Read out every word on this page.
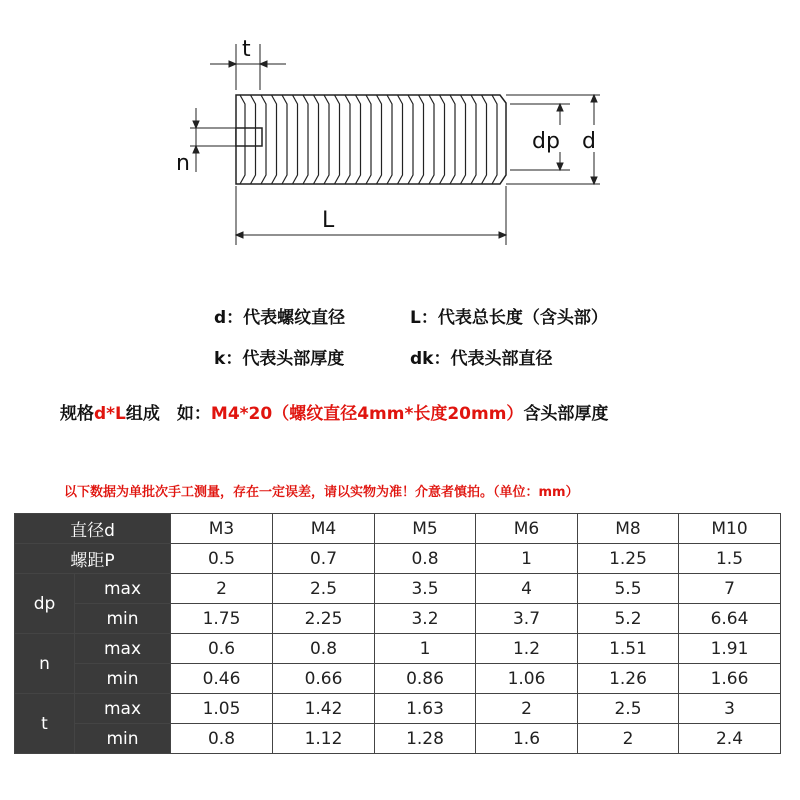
t
n
dp d
L
d：代表螺纹直径	L：代表总长度（含头部）
k：代表头部厚度	dk：代表头部直径
规格d*L组成　如：M4*20（螺纹直径4mm*长度20mm）含头部厚度
以下数据为单批次手工测量，存在一定误差，请以实物为准！介意者慎拍。（单位：mm）
直径d		M3	M4	M5	M6	M8	M10
螺距P		0.5	0.7	0.8	1	1.25	1.5
dp	max	2	2.5	3.5	4	5.5	7
	min	1.75	2.25	3.2	3.7	5.2	6.64
n	max	0.6	0.8	1	1.2	1.51	1.91
	min	0.46	0.66	0.86	1.06	1.26	1.66
t	max	1.05	1.42	1.63	2	2.5	3
	min	0.8	1.12	1.28	1.6	2	2.4
